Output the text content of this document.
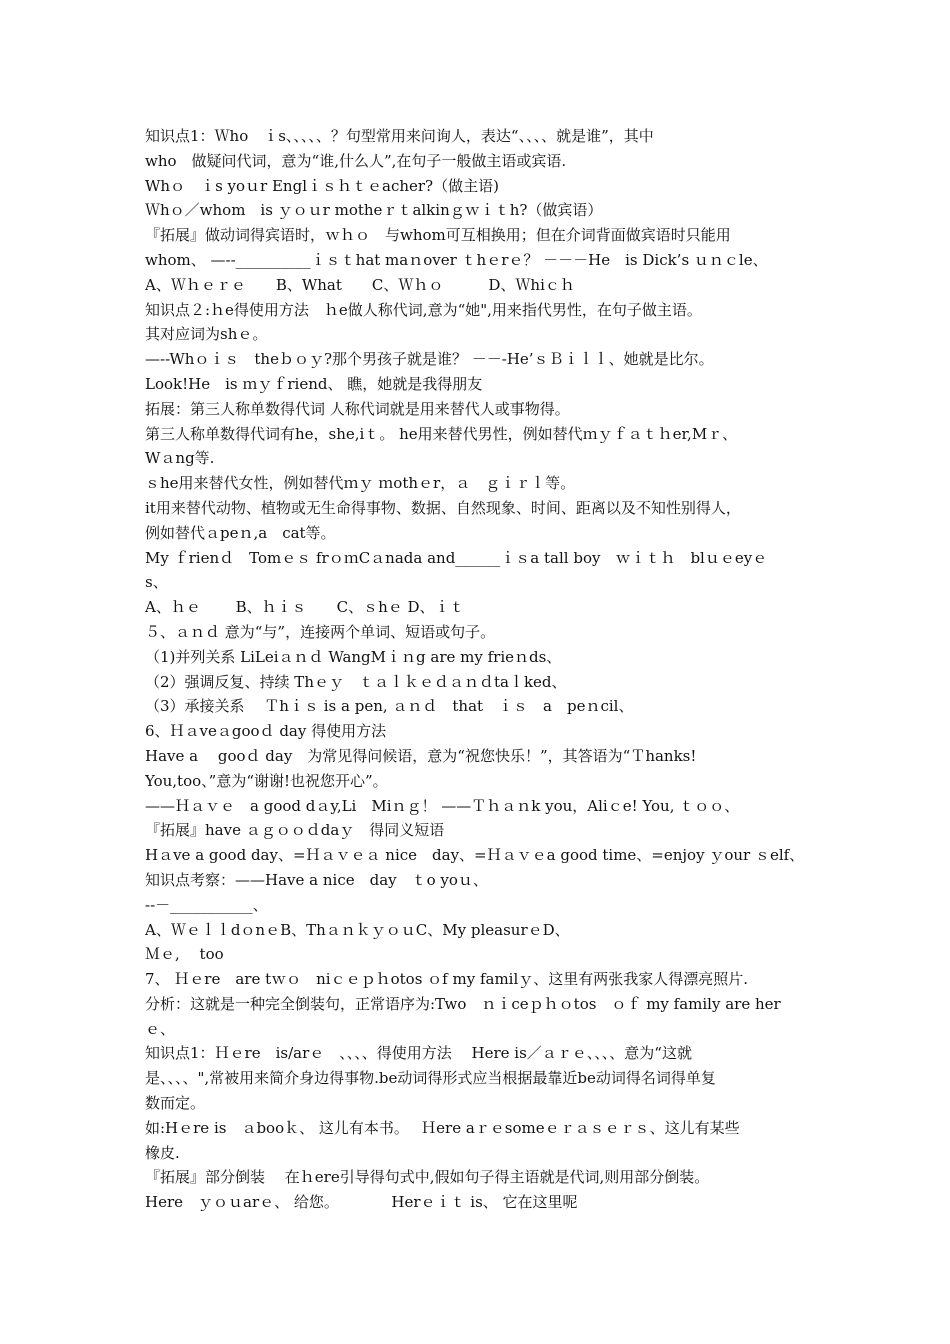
知识点1：Ｗho　ｉs、、、、、？句型常用来问询人，表达“、、、、就是谁”，其中
who　做疑问代词，意为“谁,什么人”,在句子一般做主语或宾语.
Whｏ　ｉs yoｕr Englｉｓｈｔｅacher?（做主语)
Ｗhｏ／whom　is ｙｏｕr motheｒｔalkinｇｗｉｔh?（做宾语）
『拓展』做动词得宾语时，ｗｈｏ　与whom可互相换用；但在介词背面做宾语时只能用
whom、 —--__________ｉｓｔhat maｎover ｔhｅrｅ？ －－－He　is Dick’s ｕｎｃle、
A、Ｗｈｅｒｅ　　B、What　　C、Ｗｈｏ　　　D、Ｗhiｃｈ
知识点２:ｈe得使用方法　ｈe做人称代词,意为“她",用来指代男性，在句子做主语。
其对应词为shｅ。
—--Whｏｉｓ　theｂｏｙ?那个男孩子就是谁？ －－-He’ｓＢｉｌｌ、她就是比尔。
Look!He　is ｍｙｆriend、 瞧，她就是我得朋友
拓展：第三人称单数得代词 人称代词就是用来替代人或事物得。
第三人称单数得代词有he，she,iｔ。 he用来替代男性，例如替代ｍｙｆａｔｈer,Mｒ、
Wａng等.
ｓhe用来替代女性，例如替代ｍｙ ｍothｅr，ａ　ｇｉｒｌ等。
it用来替代动物、植物或无生命得事物、数据、自然现象、时间、距离以及不知性别得人，
例如替代ａpeｎ,a　cat等。
My ｆrienｄ　Tomｅｓ frｏｍCａnada and______ｉｓa tall boy　ｗｉｔｈ　blｕｅeyｅ
s、
A、ｈｅ　　 B、ｈｉｓ　　C、ｓhｅ D、ｉｔ
５、ａｎｄ 意为“与”，连接两个单词、短语或句子。
（1)并列关系 LiLeiａｎｄ WangMｉｎg are my frieｎds、
（2）强调反复、持续 Thｅｙ　ｔａｌｋｅｄａｎｄtaｌked、
（3）承接关系　 Ｔhｉｓ is a pen, ａｎｄ　that　ｉｓ　a　peｎcil、
6、Ｈａveａgooｄ day 得使用方法
Have a　 gooｄ day　为常见得问候语，意为“祝您快乐！”，其答语为“Ｔhanks!
You,too、”意为“谢谢!也祝您开心”。
——Ｈａｖｅ　a good dａy,Li　Miｎｇ！ ——Ｔｈａｎk you，Aliｃe! You, ｔｏｏ、
『拓展』have ａｇｏｏｄdaｙ　得同义短语
Hａve a good day、=Ｈａｖｅａ nice　day、=Ｈａｖｅa good time、=enjoy ｙour ｓelf、
知识点考察：——Have a nice　day　ｔo yoｕ、
--－___________、
A、ＷｅｌｌdｏnｅB、ThａｎｋｙｏｕC、My pleasurｅD、
Ｍｅ,　 too
7、 Ｈｅre　are tｗｏ　niｃｅｐｈotos ｏf my familｙ、这里有两张我家人得漂亮照片.
分析：这就是一种完全倒装句，正常语序为:Two　ｎｉceｐｈｏtos　ｏｆ my family are her
ｅ、
知识点1：Ｈｅre　is/arｅ　、、、、得使用方法　 Here is／ａｒｅ、、、、意为“这就
是、、、、",常被用来简介身边得事物.be动词得形式应当根据最靠近be动词得名词得单复
数而定。
如:Hｅre is　ａbooｋ、 这儿有本书。　 Ｈere aｒｅsomeｅｒａｓｅｒｓ、这儿有某些
橡皮.
『拓展』部分倒装　 在ｈere引导得句式中,假如句子得主语就是代词,则用部分倒装。
Here　ｙｏｕarｅ、 给您。　　　　Herｅｉｔ is、 它在这里呢
